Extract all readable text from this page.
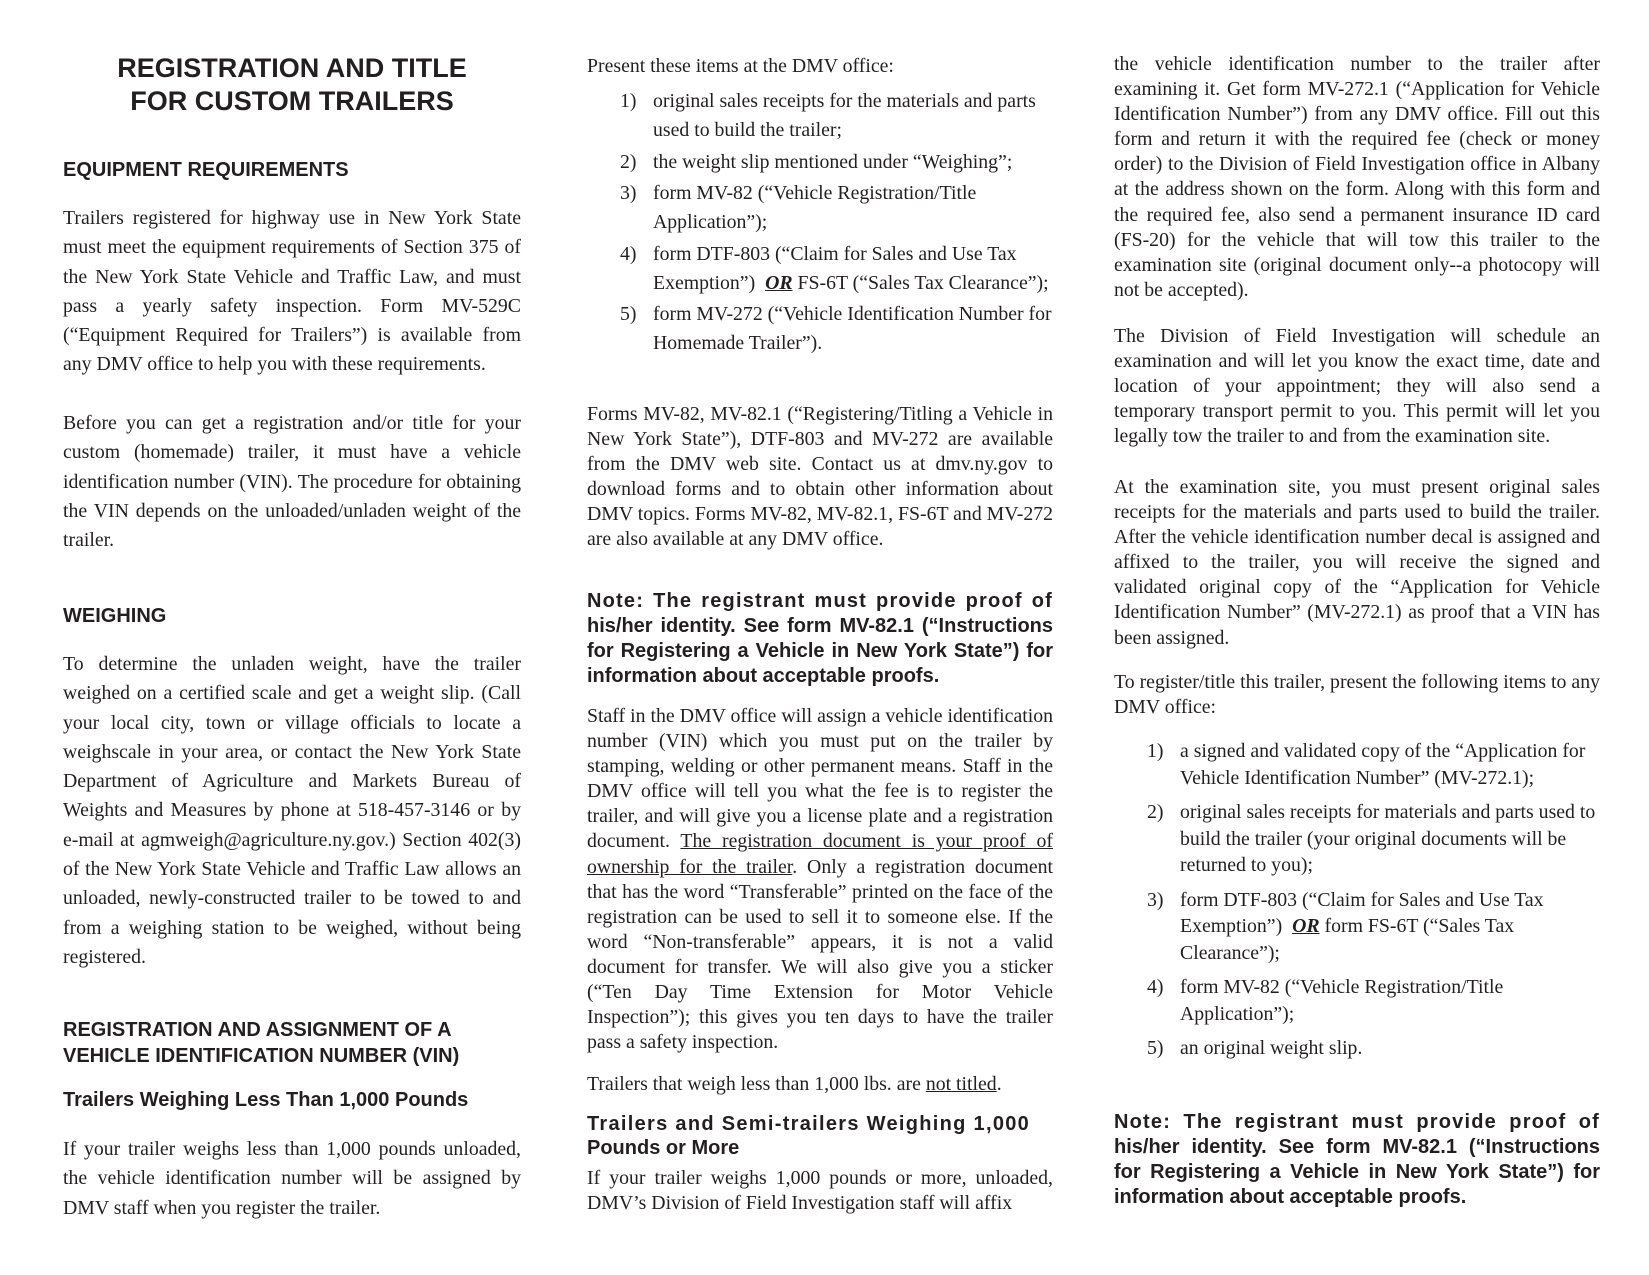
REGISTRATION AND TITLE
FOR CUSTOM TRAILERS
EQUIPMENT REQUIREMENTS

Trailers registered for highway use in New York State must meet the equipment requirements of Section 375 of the New York State Vehicle and Traffic Law, and must pass a yearly safety inspection. Form MV-529C (“Equipment Required for Trailers”) is available from any DMV office to help you with these requirements.

Before you can get a registration and/or title for your custom (homemade) trailer, it must have a vehicle identification number (VIN). The procedure for obtaining the VIN depends on the unloaded/unladen weight of the trailer.

WEIGHING

To determine the unladen weight, have the trailer weighed on a certified scale and get a weight slip. (Call your local city, town or village officials to locate a weighscale in your area, or contact the New York State Department of Agriculture and Markets Bureau of Weights and Measures by phone at 518-457-3146 or by e-mail at agmweigh@agriculture.ny.gov.) Section 402(3) of the New York State Vehicle and Traffic Law allows an unloaded, newly-constructed trailer to be towed to and from a weighing station to be weighed, without being registered.

REGISTRATION AND ASSIGNMENT OF A
VEHICLE IDENTIFICATION NUMBER (VIN)
Trailers Weighing Less Than 1,000 Pounds

If your trailer weighs less than 1,000 pounds unloaded, the vehicle identification number will be assigned by DMV staff when you register the trailer.

Present these items at the DMV office:
1) original sales receipts for the materials and parts used to build the trailer;
2) the weight slip mentioned under “Weighing”;
3) form MV-82 (“Vehicle Registration/Title Application”);
4) form DTF-803 (“Claim for Sales and Use Tax Exemption”) OR FS-6T (“Sales Tax Clearance”);
5) form MV-272 (“Vehicle Identification Number for Homemade Trailer”).

Forms MV-82, MV-82.1 (“Registering/Titling a Vehicle in New York State”), DTF-803 and MV-272 are available from the DMV web site. Contact us at dmv.ny.gov to download forms and to obtain other information about DMV topics. Forms MV-82, MV-82.1, FS-6T and MV-272 are also available at any DMV office.

Note: The registrant must provide proof of his/her identity. See form MV-82.1 (“Instructions for Registering a Vehicle in New York State”) for information about acceptable proofs.

Staff in the DMV office will assign a vehicle identification number (VIN) which you must put on the trailer by stamping, welding or other permanent means. Staff in the DMV office will tell you what the fee is to register the trailer, and will give you a license plate and a registration document. The registration document is your proof of ownership for the trailer. Only a registration document that has the word “Transferable” printed on the face of the registration can be used to sell it to someone else. If the word “Non-transferable” appears, it is not a valid document for transfer. We will also give you a sticker (“Ten Day Time Extension for Motor Vehicle Inspection”); this gives you ten days to have the trailer pass a safety inspection.

Trailers that weigh less than 1,000 lbs. are not titled.
Trailers and Semi-trailers Weighing 1,000
Pounds or More

If your trailer weighs 1,000 pounds or more, unloaded, DMV’s Division of Field Investigation staff will affix

the vehicle identification number to the trailer after examining it. Get form MV-272.1 (“Application for Vehicle Identification Number”) from any DMV office. Fill out this form and return it with the required fee (check or money order) to the Division of Field Investigation office in Albany at the address shown on the form. Along with this form and the required fee, also send a permanent insurance ID card (FS-20) for the vehicle that will tow this trailer to the examination site (original document only--a photocopy will not be accepted).

The Division of Field Investigation will schedule an examination and will let you know the exact time, date and location of your appointment; they will also send a temporary transport permit to you. This permit will let you legally tow the trailer to and from the examination site.

At the examination site, you must present original sales receipts for the materials and parts used to build the trailer. After the vehicle identification number decal is assigned and affixed to the trailer, you will receive the signed and validated original copy of the “Application for Vehicle Identification Number” (MV-272.1) as proof that a VIN has been assigned.

To register/title this trailer, present the following items to any DMV office:

1) a signed and validated copy of the “Application for Vehicle Identification Number” (MV-272.1);
2) original sales receipts for materials and parts used to build the trailer (your original documents will be returned to you);
3) form DTF-803 (“Claim for Sales and Use Tax Exemption”) OR form FS-6T (“Sales Tax Clearance”);
4) form MV-82 (“Vehicle Registration/Title Application”);
5) an original weight slip.
Note: The registrant must provide proof of his/her identity. See form MV-82.1 (“Instructions for Registering a Vehicle in New York State”) for information about acceptable proofs.
